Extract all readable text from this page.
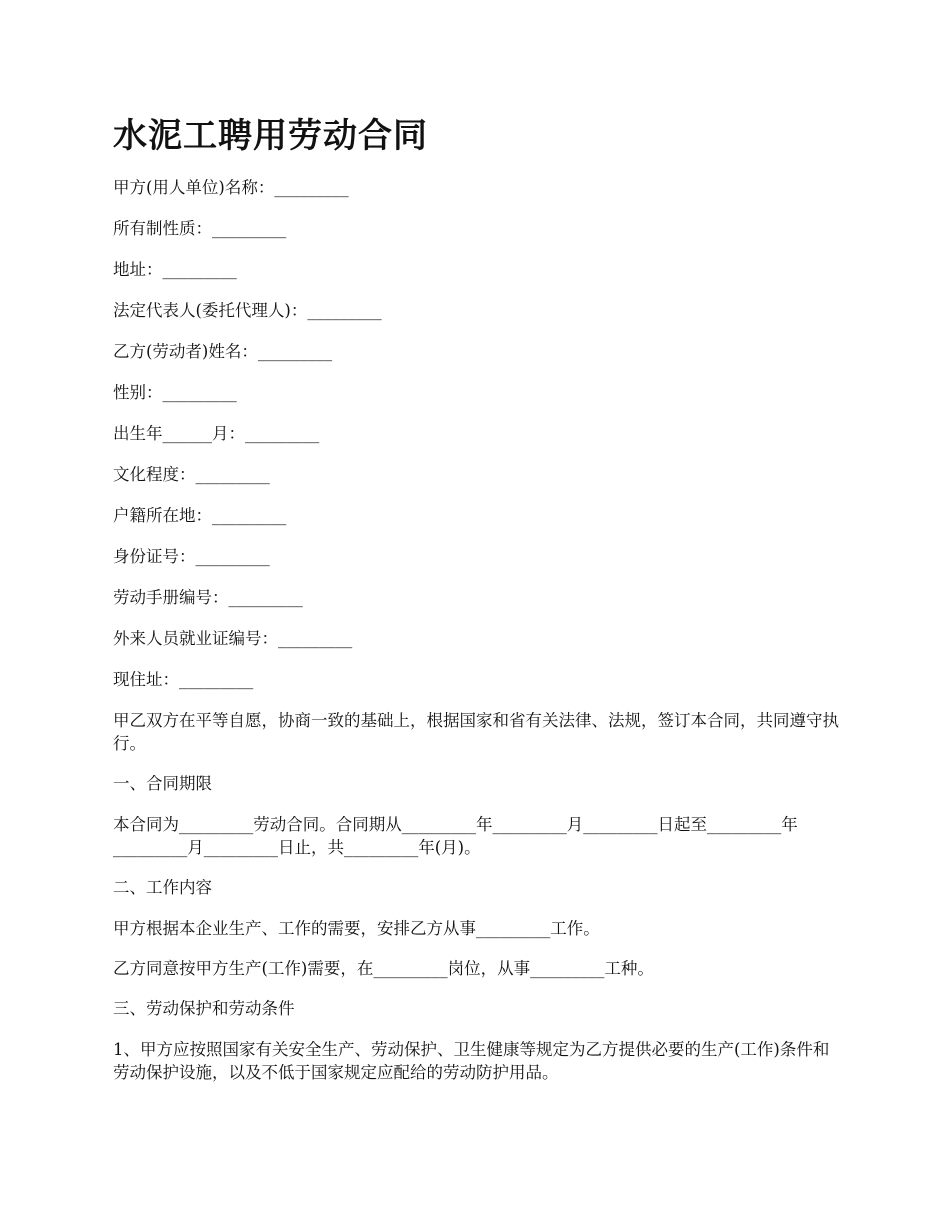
水泥工聘用劳动合同

甲方(用人单位)名称：_________

所有制性质：_________

地址：_________

法定代表人(委托代理人)：_________

乙方(劳动者)姓名：_________

性别：_________

出生年______月：_________

文化程度：_________

户籍所在地：_________

身份证号：_________

劳动手册编号：_________

外来人员就业证编号：_________

现住址：_________

甲乙双方在平等自愿，协商一致的基础上，根据国家和省有关法律、法规，签订本合同，共同遵守执行。

一、合同期限

本合同为_________劳动合同。合同期从_________年_________月_________日起至_________年_________月_________日止，共_________年(月)。

二、工作内容

甲方根据本企业生产、工作的需要，安排乙方从事_________工作。

乙方同意按甲方生产(工作)需要，在_________岗位，从事_________工种。

三、劳动保护和劳动条件

1、甲方应按照国家有关安全生产、劳动保护、卫生健康等规定为乙方提供必要的生产(工作)条件和劳动保护设施，以及不低于国家规定应配给的劳动防护用品。
